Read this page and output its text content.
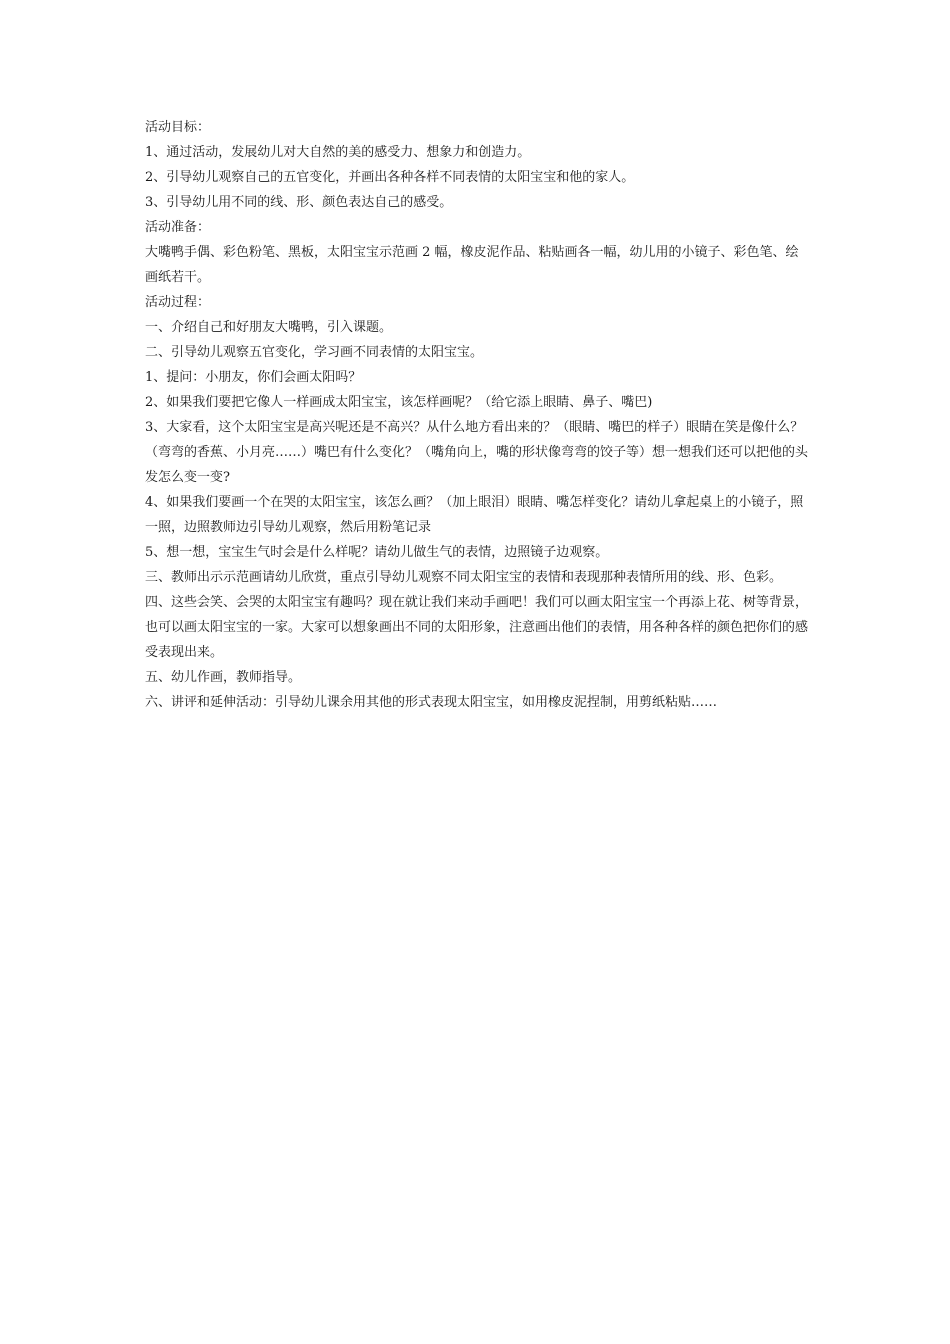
活动目标：

1、通过活动，发展幼儿对大自然的美的感受力、想象力和创造力。

2、引导幼儿观察自己的五官变化，并画出各种各样不同表情的太阳宝宝和他的家人。

3、引导幼儿用不同的线、形、颜色表达自己的感受。

活动准备：

大嘴鸭手偶、彩色粉笔、黑板，太阳宝宝示范画 2 幅，橡皮泥作品、粘贴画各一幅，幼儿用的小镜子、彩色笔、绘画纸若干。

活动过程：

一、介绍自己和好朋友大嘴鸭，引入课题。

二、引导幼儿观察五官变化，学习画不同表情的太阳宝宝。

1、提问：小朋友，你们会画太阳吗？

2、如果我们要把它像人一样画成太阳宝宝，该怎样画呢？（给它添上眼睛、鼻子、嘴巴)

3、大家看，这个太阳宝宝是高兴呢还是不高兴？从什么地方看出来的？（眼睛、嘴巴的样子）眼睛在笑是像什么？（弯弯的香蕉、小月亮……）嘴巴有什么变化？（嘴角向上，嘴的形状像弯弯的饺子等）想一想我们还可以把他的头发怎么变一变?

4、如果我们要画一个在哭的太阳宝宝，该怎么画？（加上眼泪）眼睛、嘴怎样变化？请幼儿拿起桌上的小镜子，照一照，边照教师边引导幼儿观察，然后用粉笔记录

5、想一想，宝宝生气时会是什么样呢？请幼儿做生气的表情，边照镜子边观察。

三、教师出示示范画请幼儿欣赏，重点引导幼儿观察不同太阳宝宝的表情和表现那种表情所用的线、形、色彩。

四、这些会笑、会哭的太阳宝宝有趣吗？现在就让我们来动手画吧！我们可以画太阳宝宝一个再添上花、树等背景，也可以画太阳宝宝的一家。大家可以想象画出不同的太阳形象，注意画出他们的表情，用各种各样的颜色把你们的感受表现出来。

五、幼儿作画，教师指导。

六、讲评和延伸活动：引导幼儿课余用其他的形式表现太阳宝宝，如用橡皮泥捏制，用剪纸粘贴……
